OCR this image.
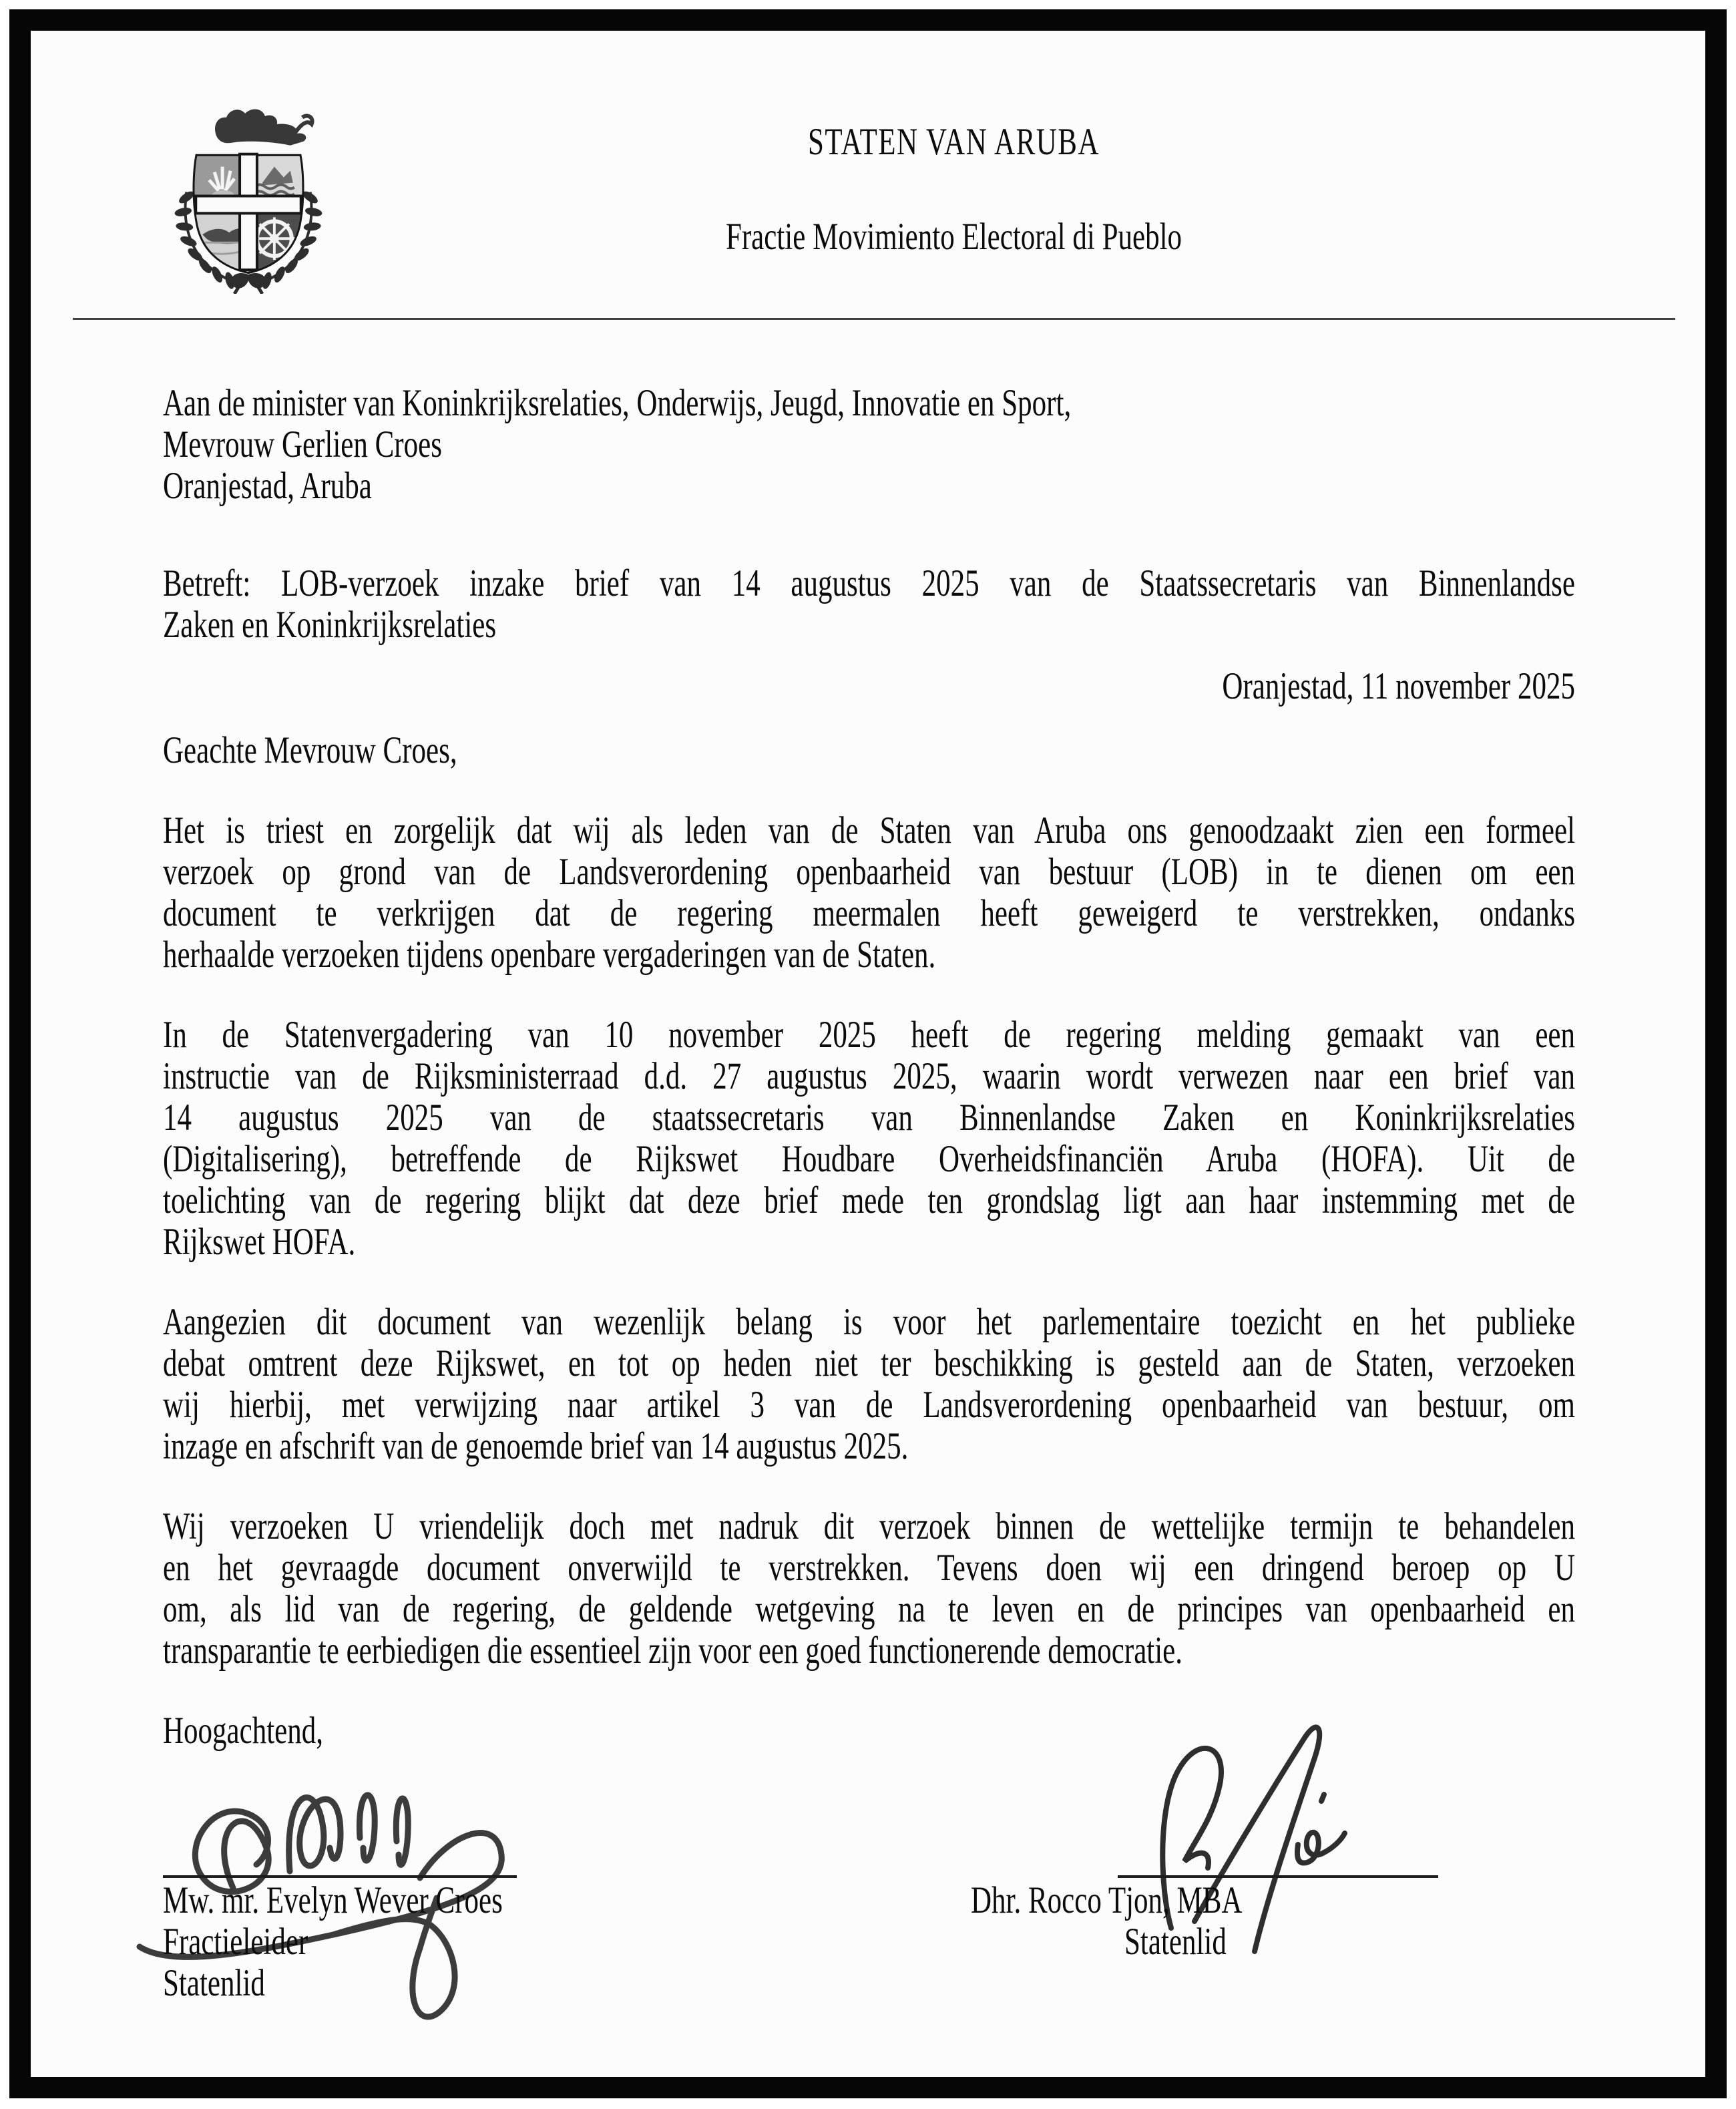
STATEN VAN ARUBA
Fractie Movimiento Electoral di Pueblo
Aan de minister van Koninkrijksrelaties, Onderwijs, Jeugd, Innovatie en Sport,
Mevrouw Gerlien Croes
Oranjestad, Aruba
Betreft: LOB-verzoek inzake brief van 14 augustus 2025 van de Staatssecretaris van Binnenlandse
Zaken en Koninkrijksrelaties
Oranjestad, 11 november 2025
Geachte Mevrouw Croes,
Het is triest en zorgelijk dat wij als leden van de Staten van Aruba ons genoodzaakt zien een formeel
verzoek op grond van de Landsverordening openbaarheid van bestuur (LOB) in te dienen om een
document te verkrijgen dat de regering meermalen heeft geweigerd te verstrekken, ondanks
herhaalde verzoeken tijdens openbare vergaderingen van de Staten.
In de Statenvergadering van 10 november 2025 heeft de regering melding gemaakt van een
instructie van de Rijksministerraad d.d. 27 augustus 2025, waarin wordt verwezen naar een brief van
14 augustus 2025 van de staatssecretaris van Binnenlandse Zaken en Koninkrijksrelaties
(Digitalisering), betreffende de Rijkswet Houdbare Overheidsfinanciën Aruba (HOFA). Uit de
toelichting van de regering blijkt dat deze brief mede ten grondslag ligt aan haar instemming met de
Rijkswet HOFA.
Aangezien dit document van wezenlijk belang is voor het parlementaire toezicht en het publieke
debat omtrent deze Rijkswet, en tot op heden niet ter beschikking is gesteld aan de Staten, verzoeken
wij hierbij, met verwijzing naar artikel 3 van de Landsverordening openbaarheid van bestuur, om
inzage en afschrift van de genoemde brief van 14 augustus 2025.
Wij verzoeken U vriendelijk doch met nadruk dit verzoek binnen de wettelijke termijn te behandelen
en het gevraagde document onverwijld te verstrekken. Tevens doen wij een dringend beroep op U
om, als lid van de regering, de geldende wetgeving na te leven en de principes van openbaarheid en
transparantie te eerbiedigen die essentieel zijn voor een goed functionerende democratie.
Hoogachtend,
Mw. mr. Evelyn Wever Croes
Fractieleider
Statenlid
Dhr. Rocco Tjon, MBA
Statenlid
